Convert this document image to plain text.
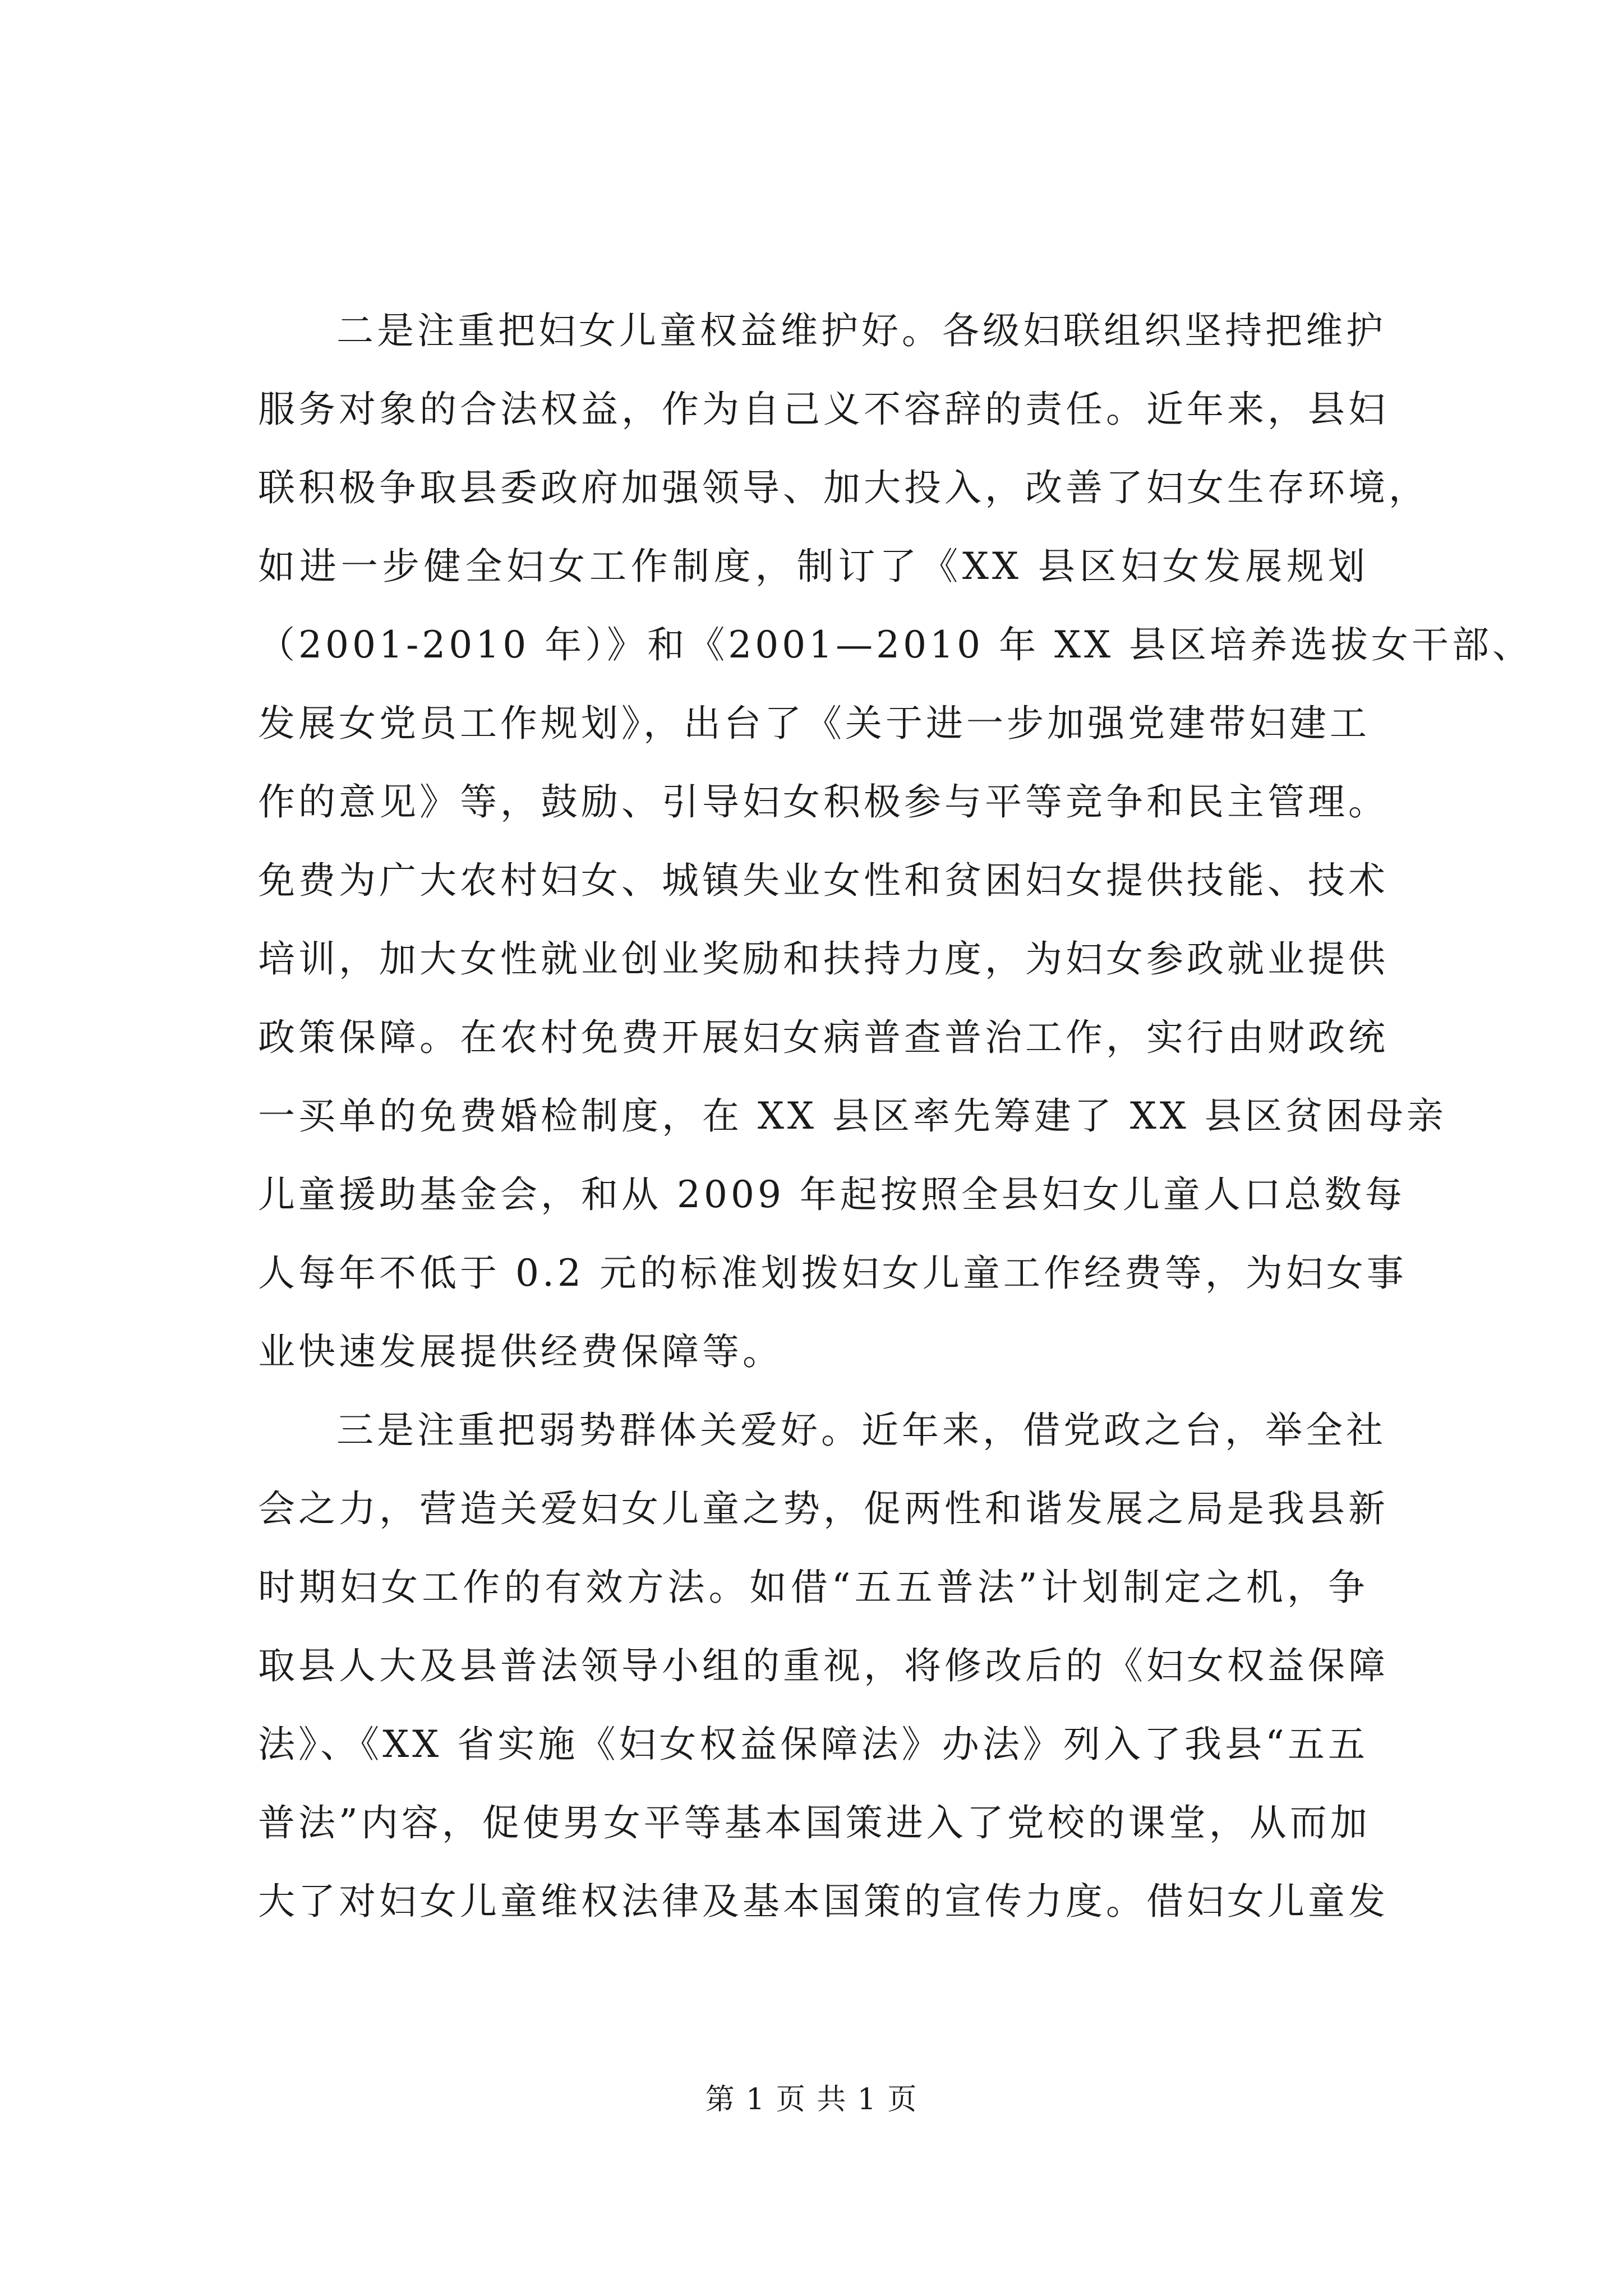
二是注重把妇女儿童权益维护好。各级妇联组织坚持把维护
服务对象的合法权益，作为自己义不容辞的责任。近年来，县妇
联积极争取县委政府加强领导、加大投入，改善了妇女生存环境，
如进一步健全妇女工作制度，制订了《XX 县区妇女发展规划
（2001-2010 年）》和《2001—2010 年 XX 县区培养选拔女干部、
发展女党员工作规划》，出台了《关于进一步加强党建带妇建工
作的意见》等，鼓励、引导妇女积极参与平等竞争和民主管理。
免费为广大农村妇女、城镇失业女性和贫困妇女提供技能、技术
培训，加大女性就业创业奖励和扶持力度，为妇女参政就业提供
政策保障。在农村免费开展妇女病普查普治工作，实行由财政统
一买单的免费婚检制度，在 XX 县区率先筹建了 XX 县区贫困母亲
儿童援助基金会，和从 2009 年起按照全县妇女儿童人口总数每
人每年不低于 0.2 元的标准划拨妇女儿童工作经费等，为妇女事
业快速发展提供经费保障等。
三是注重把弱势群体关爱好。近年来，借党政之台，举全社
会之力，营造关爱妇女儿童之势，促两性和谐发展之局是我县新
时期妇女工作的有效方法。如借“五五普法”计划制定之机，争
取县人大及县普法领导小组的重视，将修改后的《妇女权益保障
法》、《XX 省实施《妇女权益保障法》办法》列入了我县“五五
普法”内容，促使男女平等基本国策进入了党校的课堂，从而加
大了对妇女儿童维权法律及基本国策的宣传力度。借妇女儿童发
第 1 页 共 1 页
